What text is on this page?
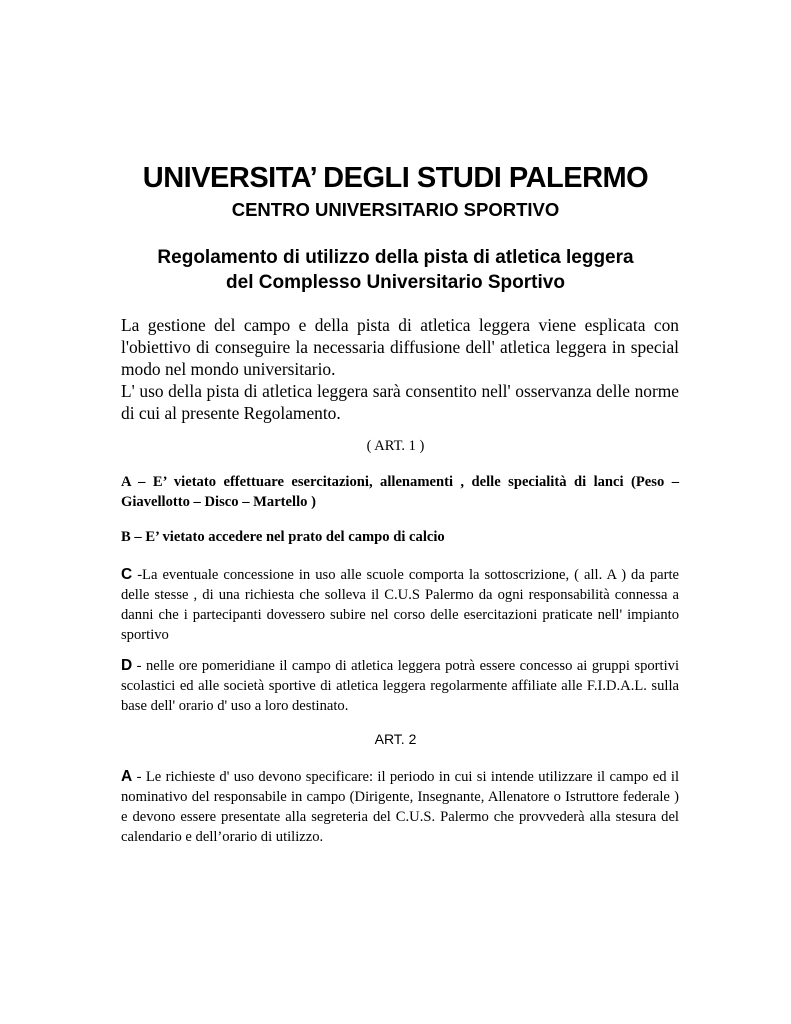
UNIVERSITA’ DEGLI STUDI PALERMO
CENTRO UNIVERSITARIO SPORTIVO
Regolamento di utilizzo della pista di atletica leggera
del Complesso Universitario Sportivo

La gestione del campo e della pista di atletica leggera viene esplicata con l'obiettivo di conseguire la necessaria diffusione dell' atletica leggera in special modo nel mondo universitario.

L' uso della pista di atletica leggera sarà consentito nell' osservanza delle norme di cui al presente Regolamento.

( ART. 1 )

A – E’ vietato effettuare esercitazioni, allenamenti , delle specialità di lanci (Peso – Giavellotto – Disco – Martello )

B – E’ vietato accedere nel prato del campo di calcio

C -La eventuale concessione in uso alle scuole comporta la sottoscrizione, ( all. A ) da parte delle stesse , di una richiesta che solleva il C.U.S Palermo da ogni responsabilità connessa a danni che i partecipanti dovessero subire nel corso delle esercitazioni praticate nell' impianto sportivo

D - nelle ore pomeridiane il campo di atletica leggera potrà essere concesso ai gruppi sportivi scolastici ed alle società sportive di atletica leggera regolarmente affiliate alle F.I.D.A.L. sulla base dell' orario d' uso a loro destinato.

ART. 2

A - Le richieste d' uso devono specificare: il periodo in cui si intende utilizzare il campo ed il nominativo del responsabile in campo (Dirigente, Insegnante, Allenatore o Istruttore federale ) e devono essere presentate alla segreteria del C.U.S. Palermo che provvederà alla stesura del calendario e dell’orario di utilizzo.
